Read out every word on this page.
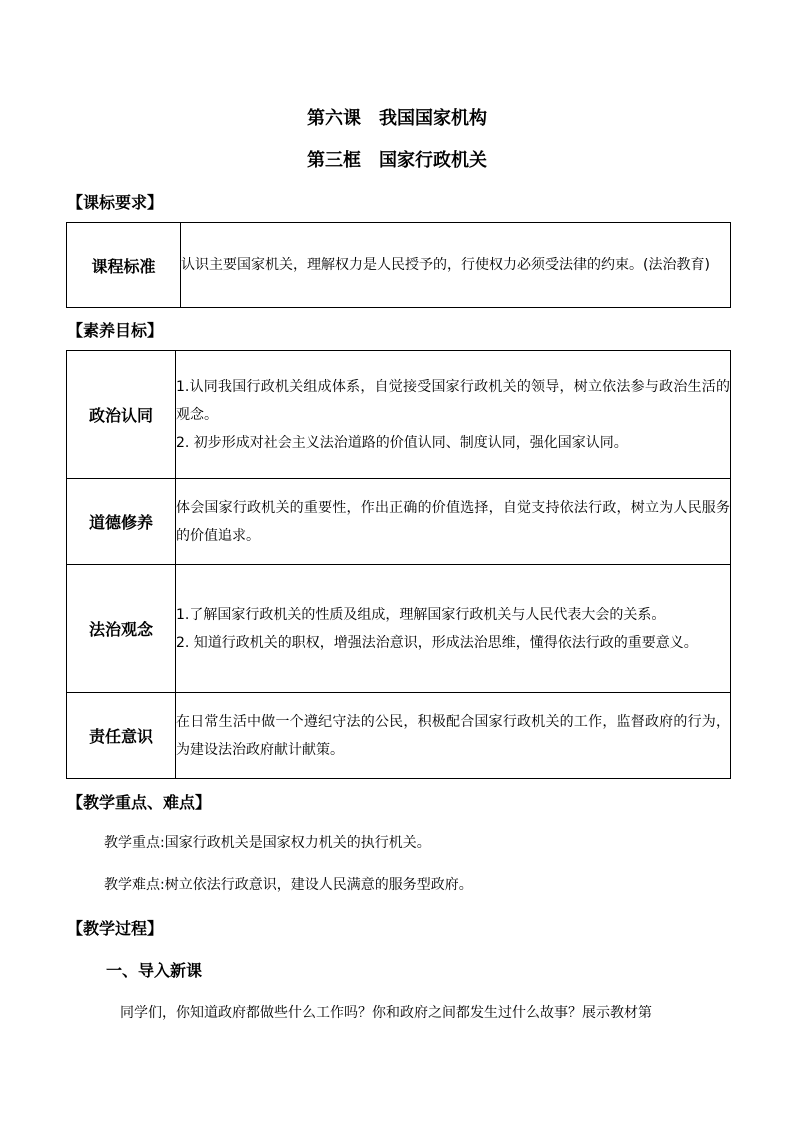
第六课　我国国家机构
第三框　国家行政机关
【课标要求】
课程标准	认识主要国家机关，理解权力是人民授予的，行使权力必须受法律的约束。(法治教育)

【素养目标】
政治认同	1.认同我国行政机关组成体系，自觉接受国家行政机关的领导，树立依法参与政治生活的观念。

2. 初步形成对社会主义法治道路的价值认同、制度认同，强化国家认同。

道德修养	体会国家行政机关的重要性，作出正确的价值选择，自觉支持依法行政，树立为人民服务的价值追求。

法治观念	1.了解国家行政机关的性质及组成，理解国家行政机关与人民代表大会的关系。

2. 知道行政机关的职权，增强法治意识，形成法治思维，懂得依法行政的重要意义。

责任意识	在日常生活中做一个遵纪守法的公民，积极配合国家行政机关的工作，监督政府的行为，为建设法治政府献计献策。

【教学重点、难点】
教学重点:国家行政机关是国家权力机关的执行机关。
教学难点:树立依法行政意识，建设人民满意的服务型政府。
【教学过程】
一、导入新课
同学们，你知道政府都做些什么工作吗？你和政府之间都发生过什么故事？展示教材第
